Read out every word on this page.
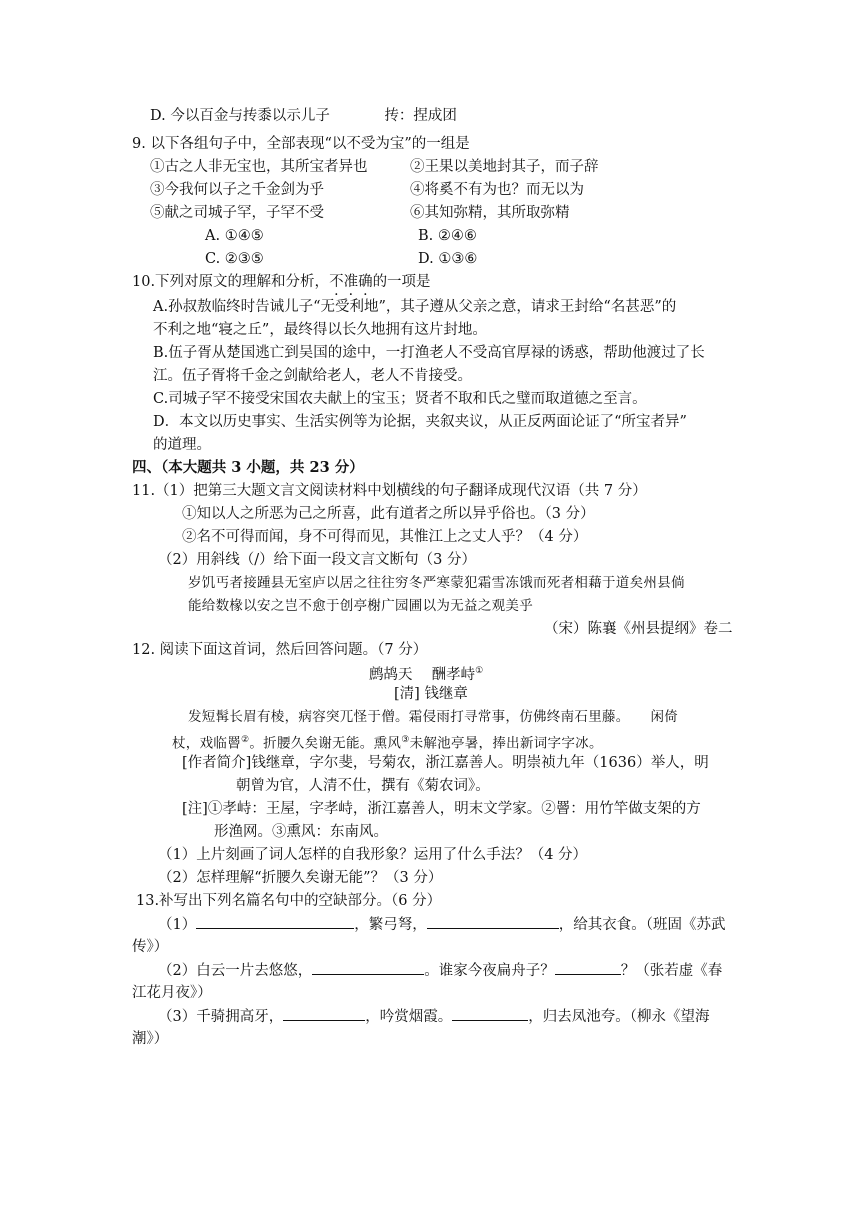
D. 今以百金与抟黍以示儿子	抟：捏成团
9. 以下各组句子中，全部表现“以不受为宝”的一组是
①古之人非无宝也，其所宝者异也	②王果以美地封其子，而子辞
③今我何以子之千金剑为乎	④将奚不有为也？而无以为
⑤献之司城子罕，子罕不受	⑥其知弥精，其所取弥精
A. ①④⑤	B. ②④⑥
C. ②③⑤	D. ①③⑥
10.下列对原文的理解和分析，不准确的一项是
A.孙叔敖临终时告诫儿子“无受利地”，其子遵从父亲之意，请求王封给“名甚恶”的
不利之地“寝之丘”，最终得以长久地拥有这片封地。
B.伍子胥从楚国逃亡到吴国的途中，一打渔老人不受高官厚禄的诱惑，帮助他渡过了长
江。伍子胥将千金之剑献给老人，老人不肯接受。
C.司城子罕不接受宋国农夫献上的宝玉；贤者不取和氏之璧而取道德之至言。
D．本文以历史事实、生活实例等为论据，夹叙夹议，从正反两面论证了“所宝者异”
的道理。
四、（本大题共 3 小题，共 23 分）
11.（1）把第三大题文言文阅读材料中划横线的句子翻译成现代汉语（共 7 分）
①知以人之所恶为己之所喜，此有道者之所以异乎俗也。（3 分）
②名不可得而闻，身不可得而见，其惟江上之丈人乎？（4 分）
（2）用斜线（/）给下面一段文言文断句（3 分）
岁饥丐者接踵县无室庐以居之往往穷冬严寒蒙犯霜雪冻饿而死者相藉于道矣州县倘
能给数椽以安之岂不愈于创亭榭广园圃以为无益之观美乎
（宋）陈襄《州县提纲》卷二
12. 阅读下面这首词，然后回答问题。（7 分）
鹧鸪天　 酬孝峙①
[清] 钱继章
发短髯长眉有棱，病容突兀怪于僧。霜侵雨打寻常事，仿佛终南石里藤。　　闲倚
杖，戏临罾②。折腰久矣谢无能。熏风③未解池亭暑，捧出新词字字冰。
[作者简介]钱继章，字尔斐，号菊农，浙江嘉善人。明崇祯九年（1636）举人，明
朝曾为官，人清不仕，撰有《菊农词》。
[注]①孝峙：王屋，字孝峙，浙江嘉善人，明末文学家。②罾：用竹竿做支架的方
形渔网。③熏风：东南风。
（1）上片刻画了词人怎样的自我形象？运用了什么手法？（4 分）
（2）怎样理解“折腰久矣谢无能”？（3 分）
13.补写出下列名篇名句中的空缺部分。（6 分）
（1）	，繁弓弩，	，给其衣食。（班固《苏武
传》）
（2）白云一片去悠悠，	。谁家今夜扁舟子？	？（张若虚《春
江花月夜》）
（3）千骑拥高牙，	，吟赏烟霞。	，归去凤池夸。（柳永《望海
潮》）
